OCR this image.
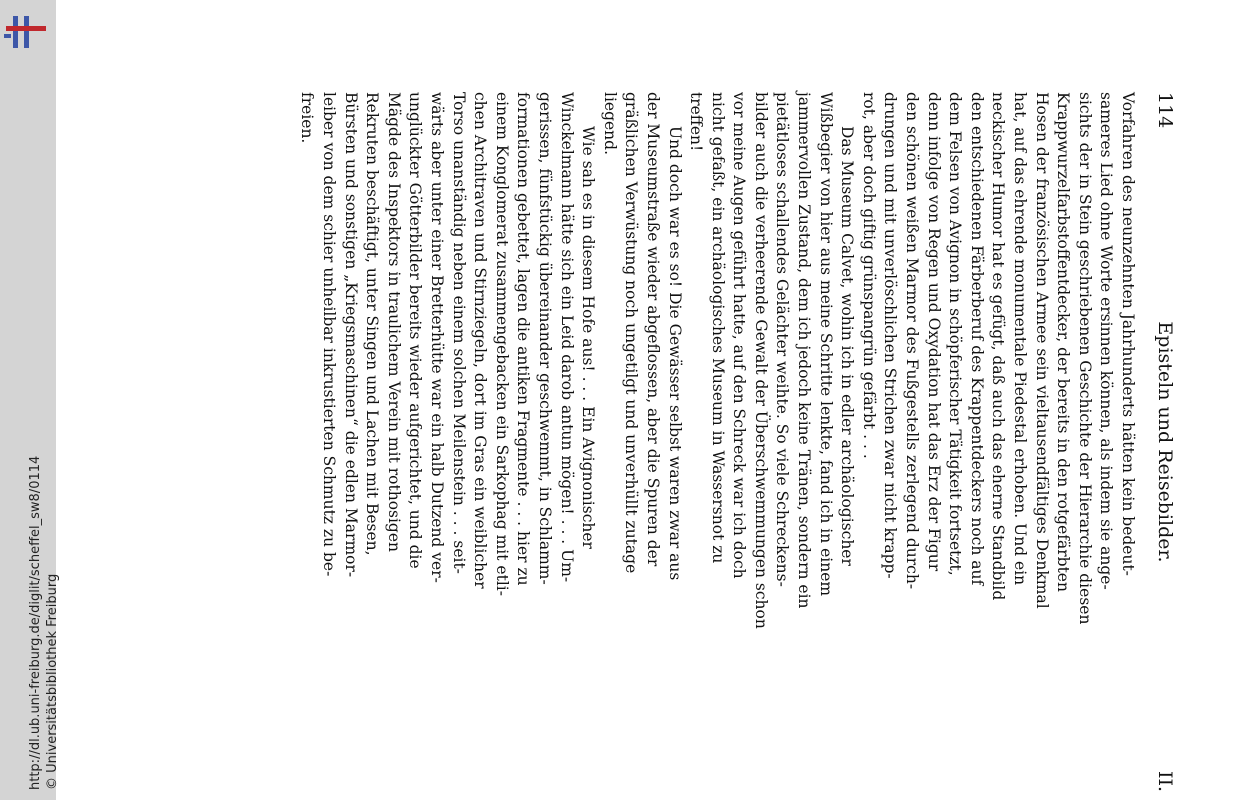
http://dl.ub.uni-freiburg.de/diglit/scheffel_sw8/0114 © Universitätsbibliothek Freiburg
114
Episteln und Reisebilder.
II.
Vorfahren des neunzehnten Jahrhunderts hätten kein bedeut-
sameres Lied ohne Worte ersinnen können, als indem sie ange-
sichts der in Stein geschriebenen Geschichte der Hierarchie diesen
Krappwurzelfarbstoffentdecker, der bereits in den rotgefärbten
Hosen der französischen Armee sein vieltausendfältiges Denkmal
hat, auf das ehrende monumentale Piedestal erhoben. Und ein
neckischer Humor hat es gefügt, daß auch das eherne Standbild
den entschiedenen Färberberuf des Krappentdeckers noch auf
dem Felsen von Avignon in schöpferischer Tätigkeit fortsetzt,
denn infolge von Regen und Oxydation hat das Erz der Figur
den schönen weißen Marmor des Fußgestells zerlegend durch-
drungen und mit unverlöschlichen Strichen zwar nicht krapp-
rot, aber doch giftig grünspangrün gefärbt . . .
Das Museum Calvet, wohin ich in edler archäologischer
Wißbegier von hier aus meine Schritte lenkte, fand ich in einem
jammervollen Zustand, dem ich jedoch keine Tränen, sondern ein
pietätloses schallendes Gelächter weihte. So viele Schreckens-
bilder auch die verheerende Gewalt der Überschwemmungen schon
vor meine Augen geführt hatte, auf den Schreck war ich doch
nicht gefaßt, ein archäologisches Museum in Wassersnot zu
treffen!
Und doch war es so! Die Gewässer selbst waren zwar aus
der Museumstraße wieder abgeflossen, aber die Spuren der
gräßlichen Verwüstung noch ungetilgt und unverhüllt zutage
liegend.
Wie sah es in diesem Hofe aus! . . . Ein Avignonischer
Winckelmann hätte sich ein Leid darob antun mögen! . . . Um-
gerissen, fünfstückig übereinander geschwemmt, in Schlamm-
formationen gebettet, lagen die antiken Fragmente . . . hier zu
einem Konglomerat zusammengebacken ein Sarkophag mit etli-
chen Architraven und Stirnziegeln, dort im Gras ein weiblicher
Torso unanständig neben einem solchen Meilenstein . . . seit-
wärts aber unter einer Bretterhütte war ein halb Dutzend ver-
unglückter Götterbilder bereits wieder aufgerichtet, und die
Mägde des Inspektors in traulichem Verein mit rothosigen
Rekruten beschäftigt, unter Singen und Lachen mit Besen,
Bürsten und sonstigen „Kriegsmaschinen“ die edlen Marmor-
leiber von dem schier unheilbar inkrustierten Schmutz zu be-
freien.
